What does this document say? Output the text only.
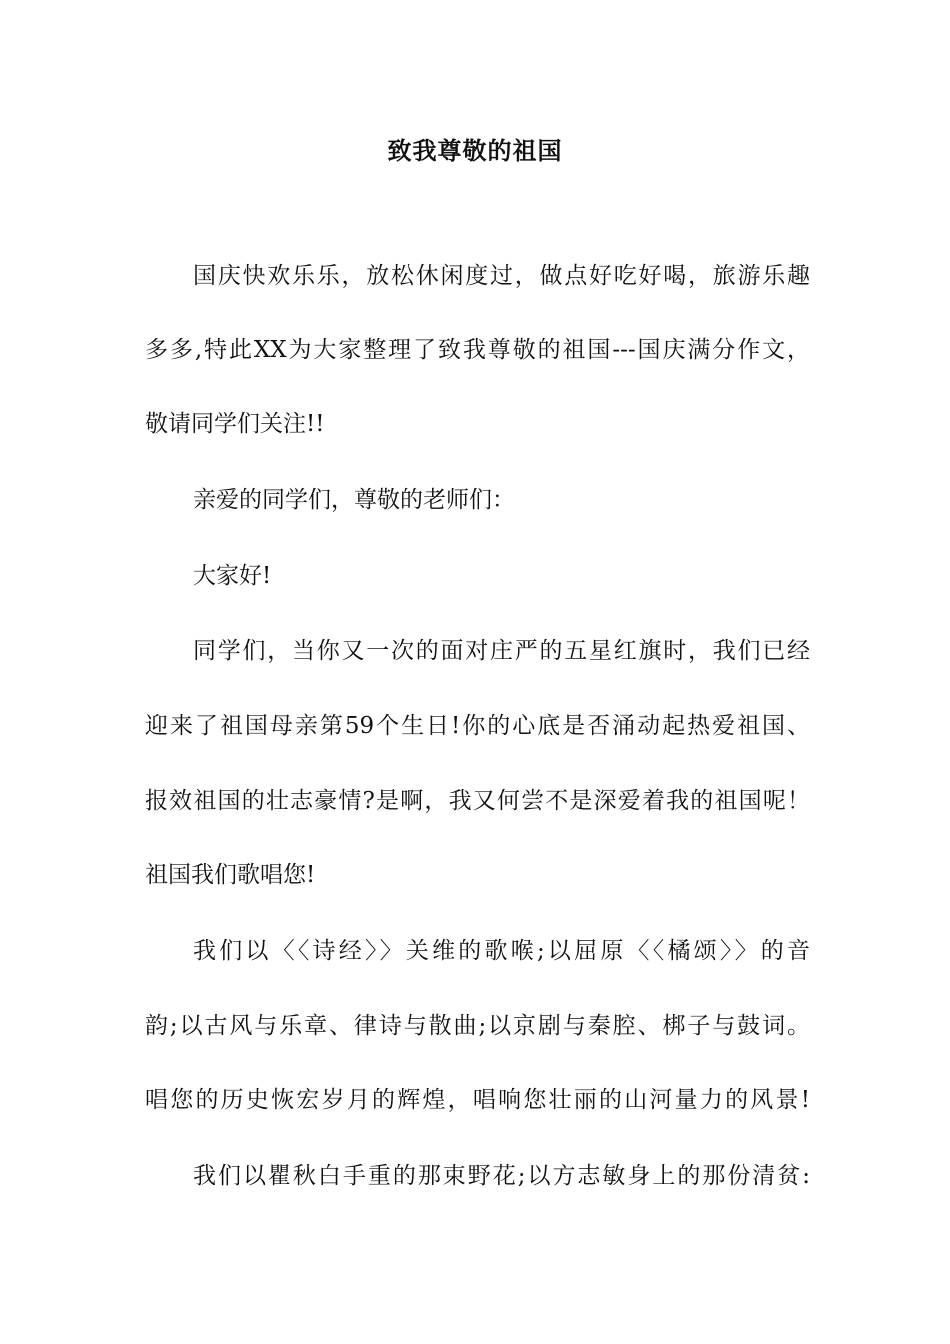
致我尊敬的祖国
国庆快欢乐乐，放松休闲度过，做点好吃好喝，旅游乐趣
多多,特此XX为大家整理了致我尊敬的祖国---国庆满分作文，
敬请同学们关注!!
亲爱的同学们，尊敬的老师们：
大家好!
同学们，当你又一次的面对庄严的五星红旗时，我们已经
迎来了祖国母亲第59个生日!你的心底是否涌动起热爱祖国、
报效祖国的壮志豪情?是啊，我又何尝不是深爱着我的祖国呢！
祖国我们歌唱您!
我们以〈〈诗经〉〉关维的歌喉;以屈原〈〈橘颂〉〉的音
韵;以古风与乐章、律诗与散曲;以京剧与秦腔、梆子与鼓词。
唱您的历史恢宏岁月的辉煌，唱响您壮丽的山河量力的风景!
我们以瞿秋白手重的那束野花;以方志敏身上的那份清贫:
